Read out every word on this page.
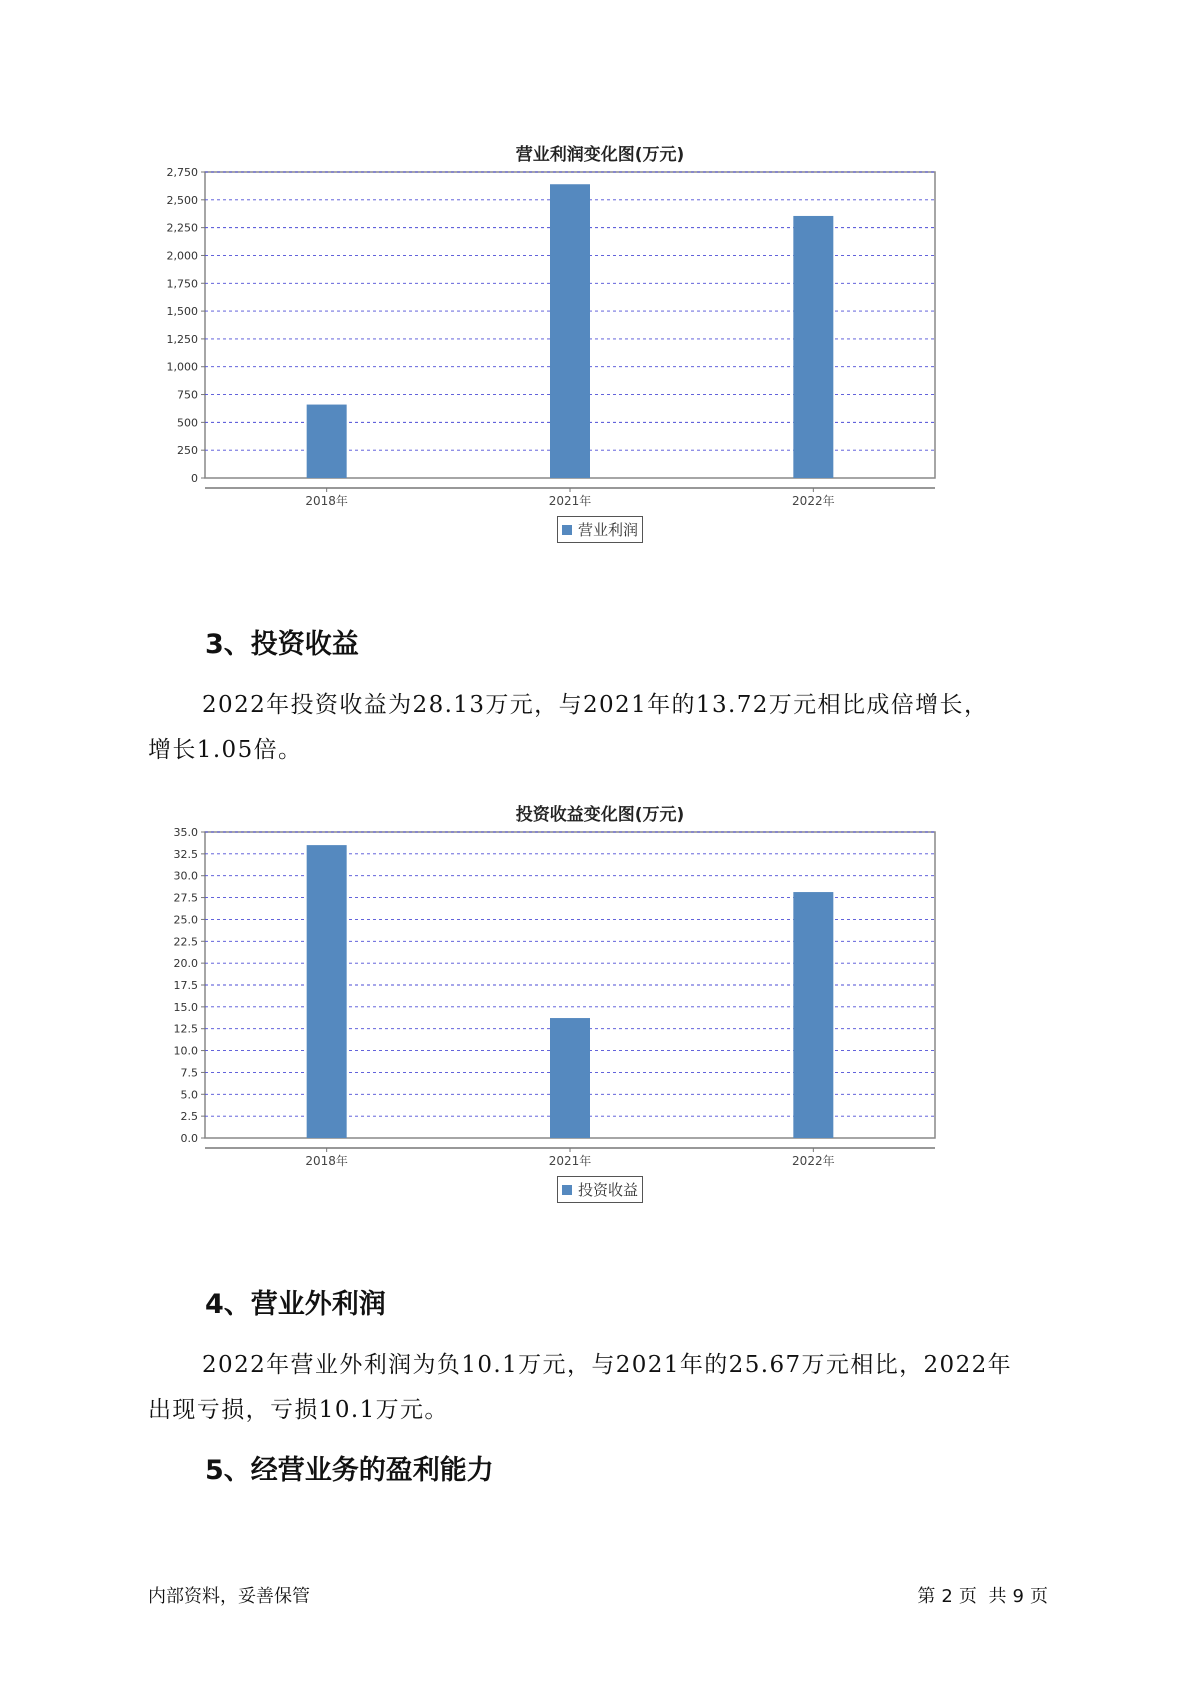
营业利润变化图(万元)
0
250
500
750
1,000
1,250
1,500
1,750
2,000
2,250
2,500
2,750
2018年	2021年	2022年
营业利润
3、投资收益

2022年投资收益为28.13万元，与2021年的13.72万元相比成倍增长，
增长1.05倍。

投资收益变化图(万元)
0.0
2.5
5.0
7.5
10.0
12.5
15.0
17.5
20.0
22.5
25.0
27.5
30.0
32.5
35.0
2018年	2021年	2022年
投资收益
4、营业外利润

2022年营业外利润为负10.1万元，与2021年的25.67万元相比，2022年
出现亏损，亏损10.1万元。

5、经营业务的盈利能力
内部资料，妥善保管	第 2 页 共 9 页
